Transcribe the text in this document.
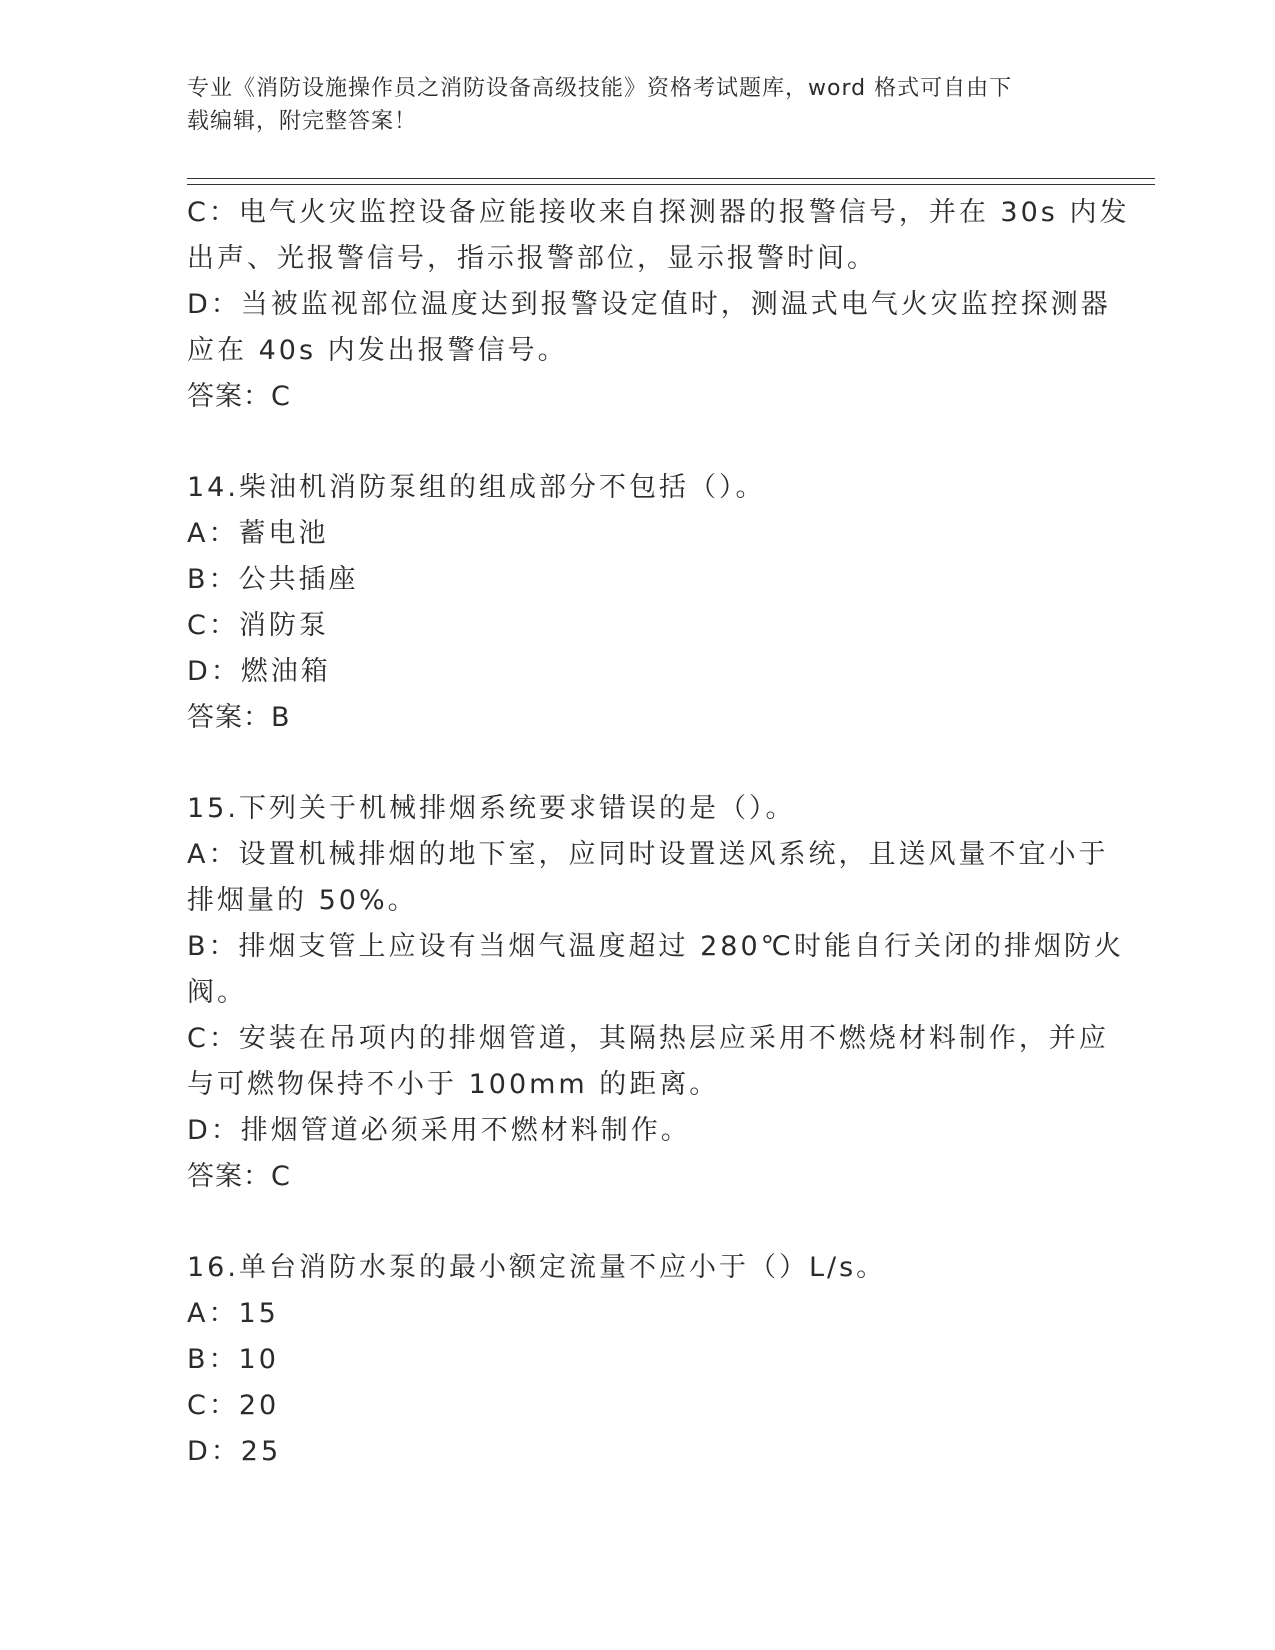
专业《消防设施操作员之消防设备高级技能》资格考试题库，word 格式可自由下
载编辑，附完整答案！
C：电气火灾监控设备应能接收来自探测器的报警信号，并在 30s 内发
出声、光报警信号，指示报警部位，显示报警时间。
D：当被监视部位温度达到报警设定值时，测温式电气火灾监控探测器
应在 40s 内发出报警信号。
答案：C
14.柴油机消防泵组的组成部分不包括（）。
A：蓄电池
B：公共插座
C：消防泵
D：燃油箱
答案：B
15.下列关于机械排烟系统要求错误的是（）。
A：设置机械排烟的地下室，应同时设置送风系统，且送风量不宜小于
排烟量的 50%。
B：排烟支管上应设有当烟气温度超过 280℃时能自行关闭的排烟防火
阀。
C：安装在吊项内的排烟管道，其隔热层应采用不燃烧材料制作，并应
与可燃物保持不小于 100mm 的距离。
D：排烟管道必须采用不燃材料制作。
答案：C
16.单台消防水泵的最小额定流量不应小于（）L/s。
A：15
B：10
C：20
D：25
